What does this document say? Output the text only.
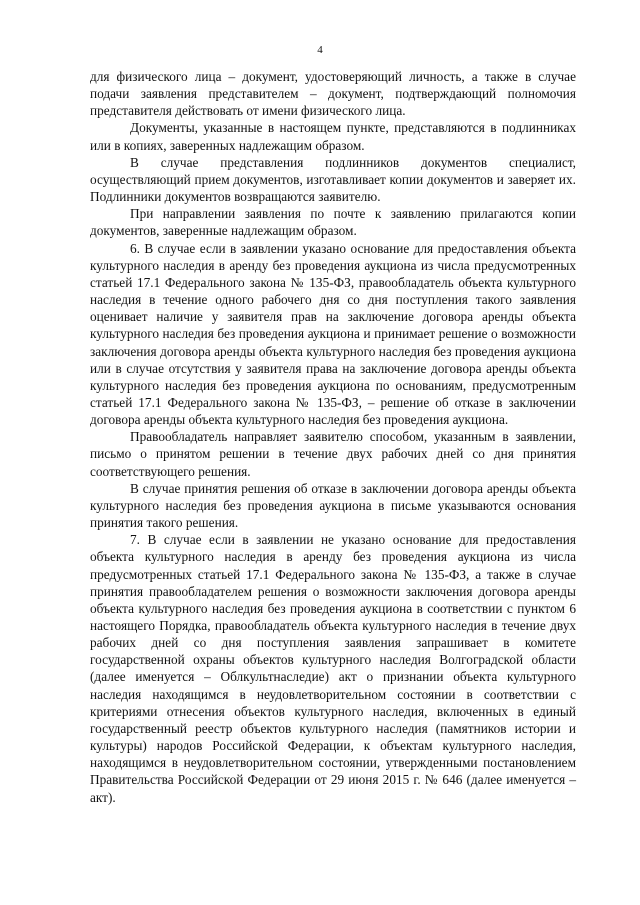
4

для физического лица – документ, удостоверяющий личность, а также в случае подачи заявления представителем – документ, подтверждающий полномочия представителя действовать от имени физического лица.

Документы, указанные в настоящем пункте, представляются в подлинниках или в копиях, заверенных надлежащим образом.

В случае представления подлинников документов специалист, осуществляющий прием документов, изготавливает копии документов и заверяет их. Подлинники документов возвращаются заявителю.

При направлении заявления по почте к заявлению прилагаются копии документов, заверенные надлежащим образом.

6. В случае если в заявлении указано основание для предоставления объекта культурного наследия в аренду без проведения аукциона из числа предусмотренных статьей 17.1 Федерального закона № 135-ФЗ, правообладатель объекта культурного наследия в течение одного рабочего дня со дня поступления такого заявления оценивает наличие у заявителя прав на заключение договора аренды объекта культурного наследия без проведения аукциона и принимает решение о возможности заключения договора аренды объекта культурного наследия без проведения аукциона или в случае отсутствия у заявителя права на заключение договора аренды объекта культурного наследия без проведения аукциона по основаниям, предусмотренным статьей 17.1 Федерального закона № 135-ФЗ, – решение об отказе в заключении договора аренды объекта культурного наследия без проведения аукциона.

Правообладатель направляет заявителю способом, указанным в заявлении, письмо о принятом решении в течение двух рабочих дней со дня принятия соответствующего решения.

В случае принятия решения об отказе в заключении договора аренды объекта культурного наследия без проведения аукциона в письме указываются основания принятия такого решения.

7. В случае если в заявлении не указано основание для предоставления объекта культурного наследия в аренду без проведения аукциона из числа предусмотренных статьей 17.1 Федерального закона № 135-ФЗ, а также в случае принятия правообладателем решения о возможности заключения договора аренды объекта культурного наследия без проведения аукциона в соответствии с пунктом 6 настоящего Порядка, правообладатель объекта культурного наследия в течение двух рабочих дней со дня поступления заявления запрашивает в комитете государственной охраны объектов культурного наследия Волгоградской области (далее именуется – Облкультнаследие) акт о признании объекта культурного наследия находящимся в неудовлетворительном состоянии в соответствии с критериями отнесения объектов культурного наследия, включенных в единый государственный реестр объектов культурного наследия (памятников истории и культуры) народов Российской Федерации, к объектам культурного наследия, находящимся в неудовлетворительном состоянии, утвержденными постановлением Правительства Российской Федерации от 29 июня 2015 г. № 646 (далее именуется – акт).
